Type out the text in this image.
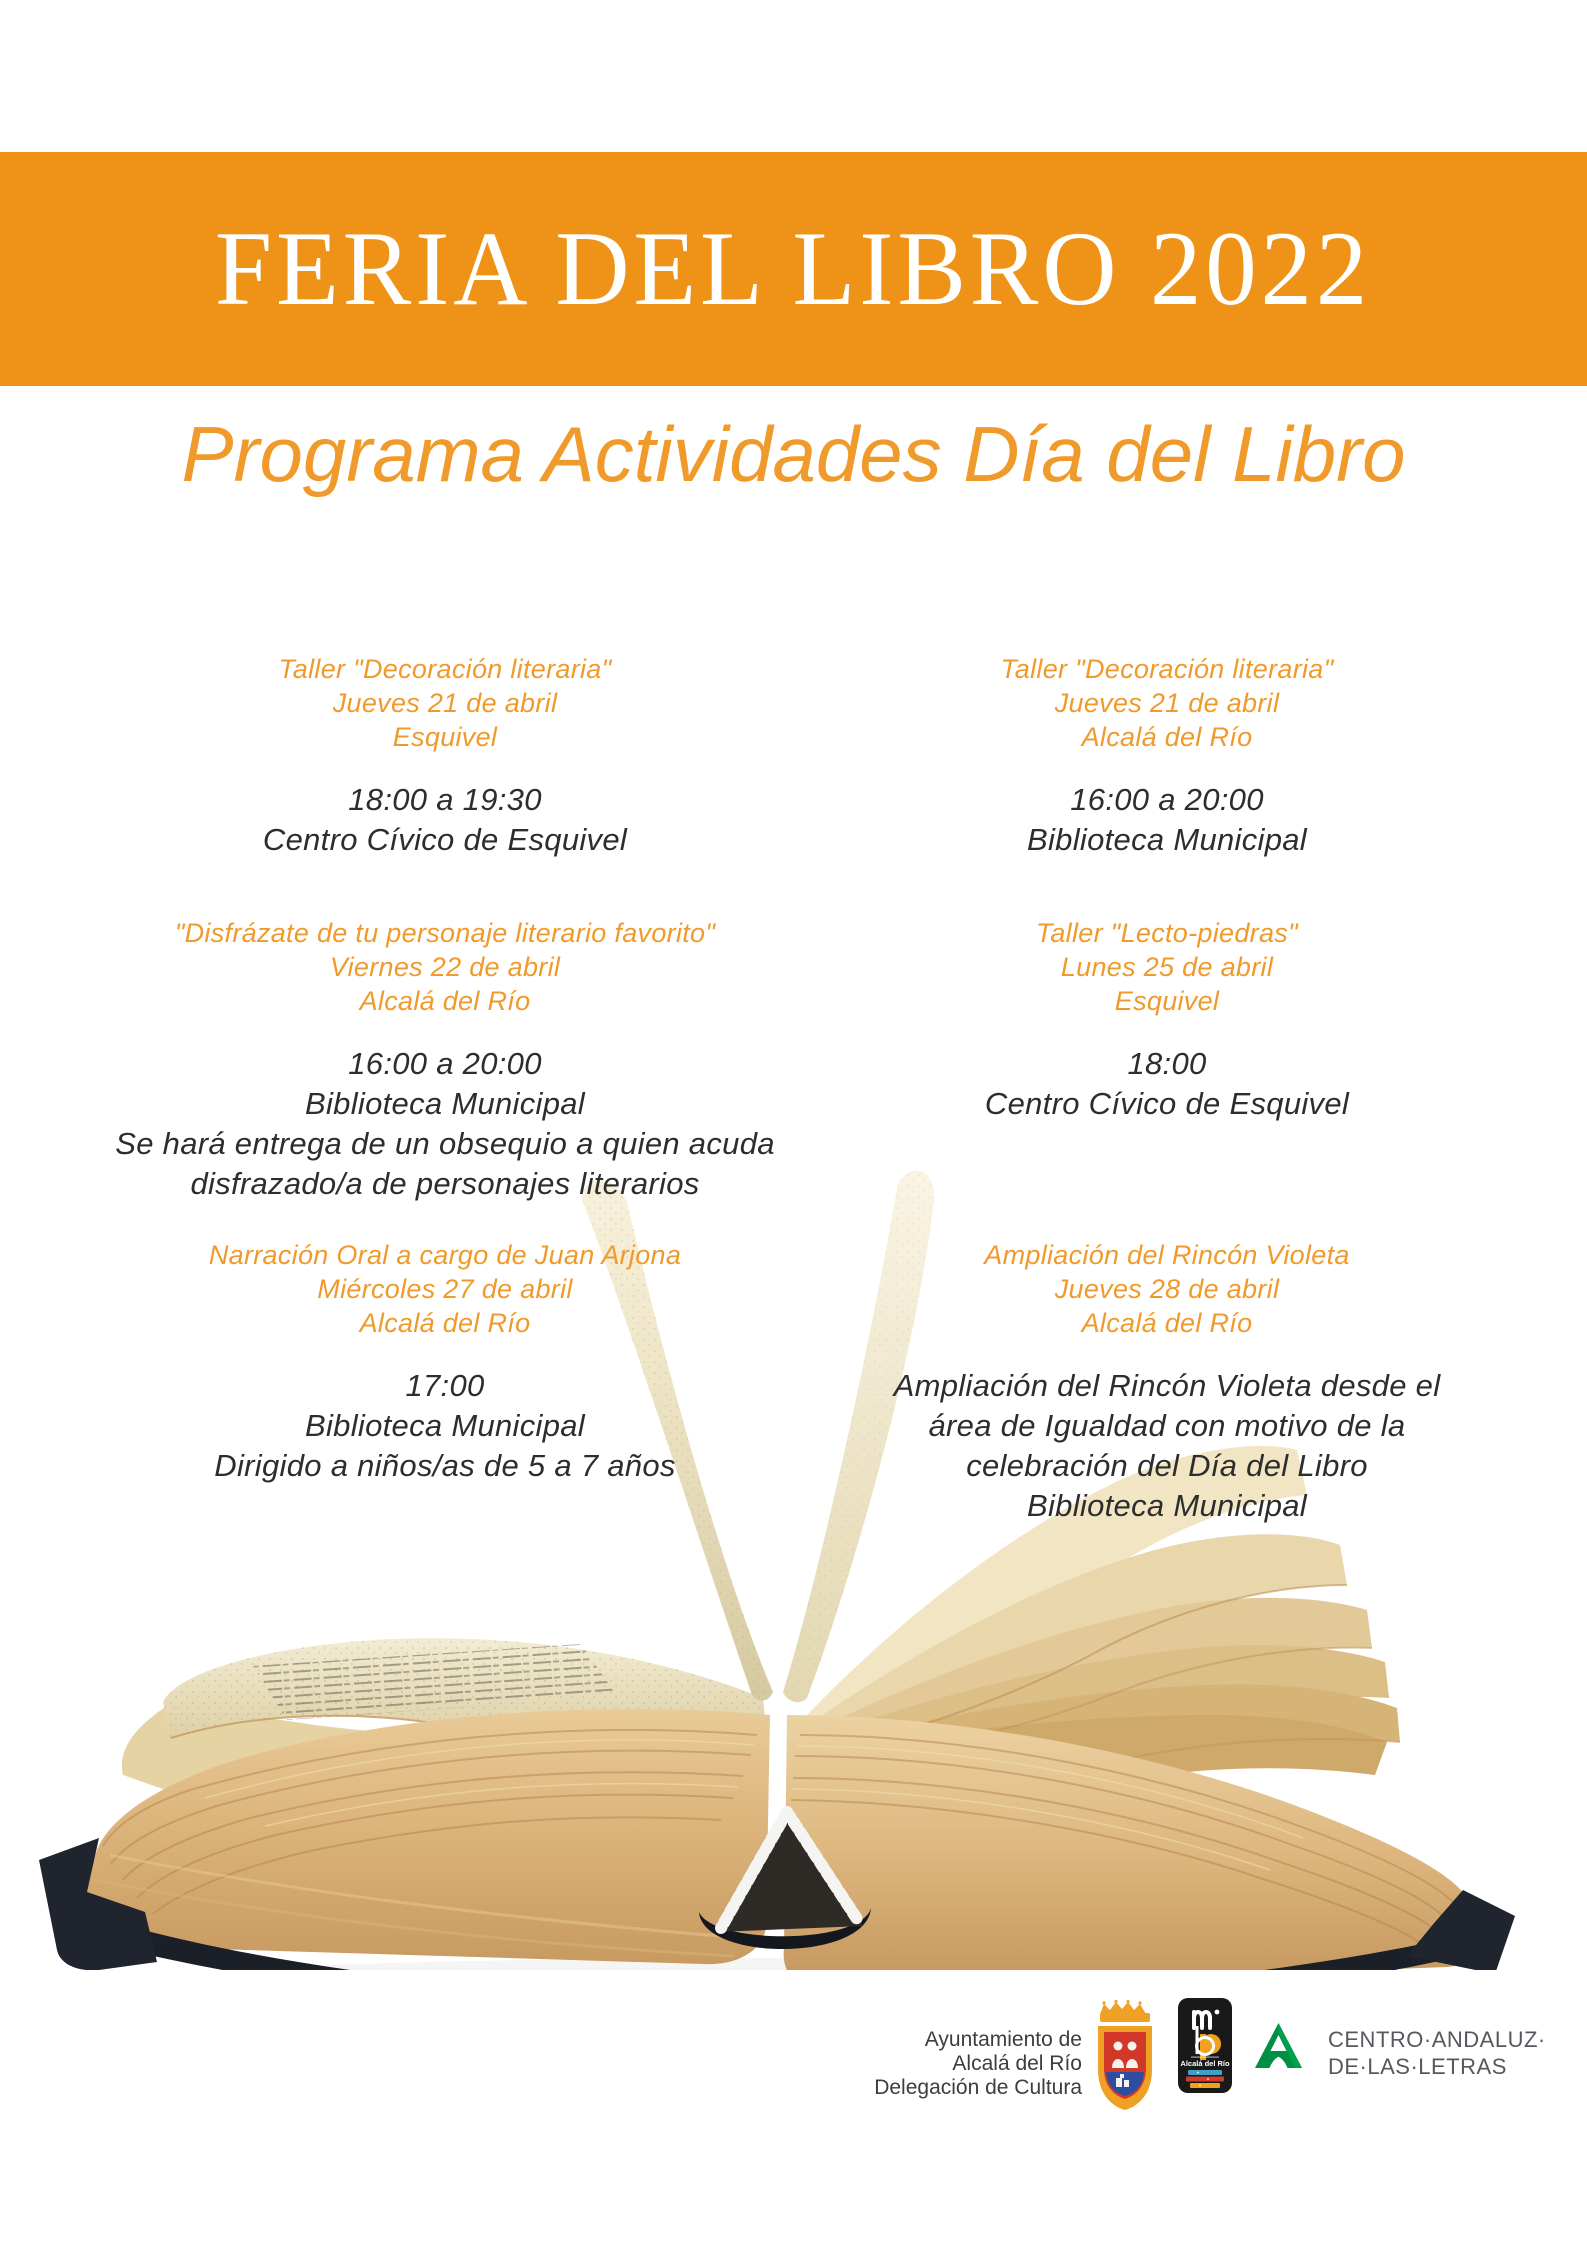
FERIA DEL LIBRO 2022
Programa Actividades Día del Libro
Taller "Decoración literaria"
Jueves 21 de abril
Esquivel
18:00 a 19:30
Centro Cívico de Esquivel
Taller "Decoración literaria"
Jueves 21 de abril
Alcalá del Río
16:00 a 20:00
Biblioteca Municipal
"Disfrázate de tu personaje literario favorito"
Viernes 22 de abril
Alcalá del Río
16:00 a 20:00
Biblioteca Municipal
Se hará entrega de un obsequio a quien acuda disfrazado/a de personajes literarios
Taller "Lecto-piedras"
Lunes 25 de abril
Esquivel
18:00
Centro Cívico de Esquivel
Narración Oral a cargo de Juan Arjona
Miércoles 27 de abril
Alcalá del Río
17:00
Biblioteca Municipal
Dirigido a niños/as de 5 a 7 años
Ampliación del Rincón Violeta
Jueves 28 de abril
Alcalá del Río
Ampliación del Rincón Violeta desde el área de Igualdad con motivo de la celebración del Día del Libro
Biblioteca Municipal
Ayuntamiento de
Alcalá del Río
Delegación de Cultura
Alcalá del Río
CENTRO·ANDALUZ·
DE·LAS·LETRAS
